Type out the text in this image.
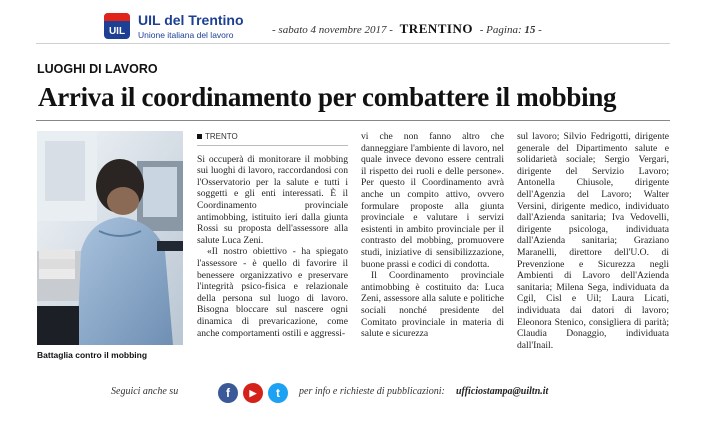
UIL
UIL del Trentino
Unione italiana del lavoro	- sabato 4 novembre 2017 - TRENTINO - Pagina: 15 -
LUOGHI DI LAVORO
Arriva il coordinamento per combattere il mobbing
Battaglia contro il mobbing
TRENTO

Si occuperà di monitorare il mobbing sui luoghi di lavoro, raccordandosi con l'Osservatorio per la salute e tutti i soggetti e gli enti interessati. È il Coordinamento provinciale antimobbing, istituito ieri dalla giunta Rossi su proposta dell'assessore alla salute Luca Zeni.

«Il nostro obiettivo - ha spiegato l'assessore - è quello di favorire il benessere organizzativo e preservare l'integrità psico-fisica e relazionale della persona sul luogo di lavoro. Bisogna bloccare sul nascere ogni dinamica di prevaricazione, come anche comportamenti ostili e aggressi-

vi che non fanno altro che danneggiare l'ambiente di lavoro, nel quale invece devono essere centrali il rispetto dei ruoli e delle persone». Per questo il Coordinamento avrà anche un compito attivo, ovvero formulare proposte alla giunta provinciale e valutare i servizi esistenti in ambito provinciale per il contrasto del mobbing, promuovere studi, iniziative di sensibilizzazione, buone prassi e codici di condotta.

Il Coordinamento provinciale antimobbing è costituito da: Luca Zeni, assessore alla salute e politiche sociali nonché presidente del Comitato provinciale in materia di salute e sicurezza

sul lavoro; Silvio Fedrigotti, dirigente generale del Dipartimento salute e solidarietà sociale; Sergio Vergari, dirigente del Servizio Lavoro; Antonella Chiusole, dirigente dell'Agenzia del Lavoro; Walter Versini, dirigente medico, individuato dall'Azienda sanitaria; Iva Vedovelli, dirigente psicologa, individuata dall'Azienda sanitaria; Graziano Maranelli, direttore dell'U.O. di Prevenzione e Sicurezza negli Ambienti di Lavoro dell'Azienda sanitaria; Milena Sega, individuata da Cgil, Cisl e Uil; Laura Licati, individuata dai datori di lavoro; Eleonora Stenico, consigliera di parità; Claudia Donaggio, individuata dall'Inail.

Seguici anche su	f	▶	t	per info e richieste di pubblicazioni: ufficiostampa@uiltn.it
